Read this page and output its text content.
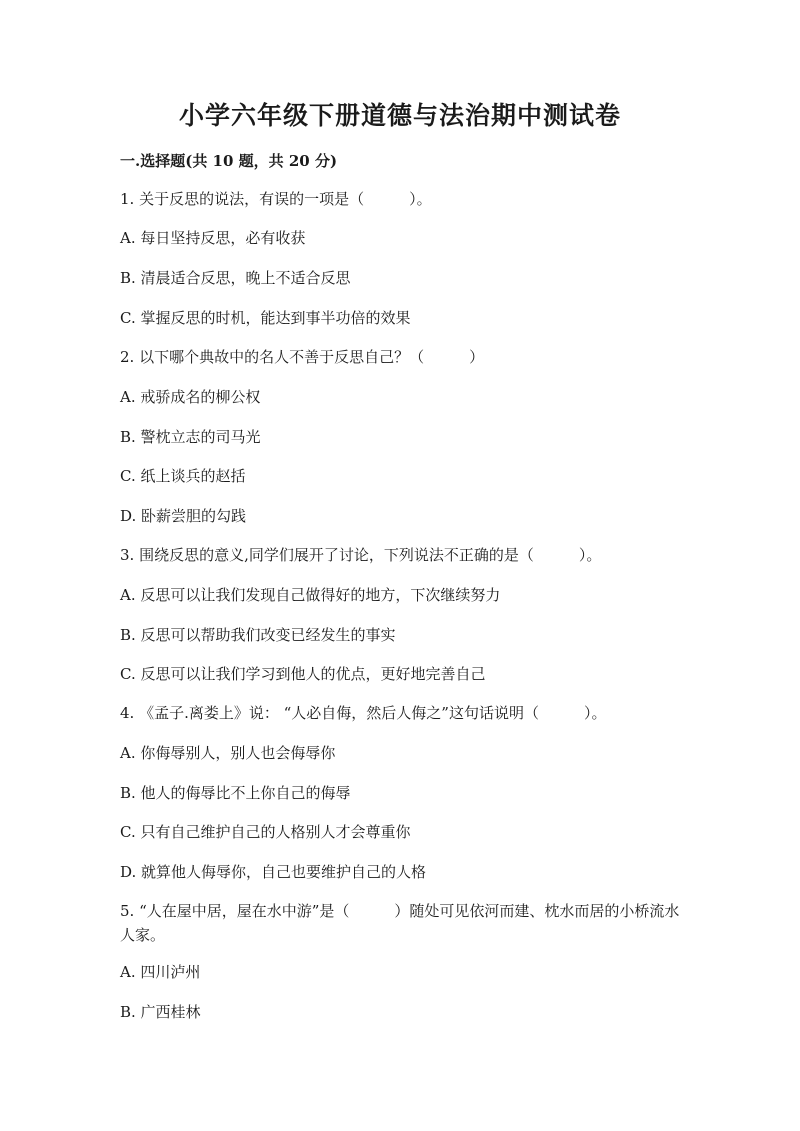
小学六年级下册道德与法治期中测试卷
一.选择题(共 10 题，共 20 分)
1. 关于反思的说法，有误的一项是（　　　）。
A. 每日坚持反思，必有收获
B. 清晨适合反思，晚上不适合反思
C. 掌握反思的时机，能达到事半功倍的效果
2. 以下哪个典故中的名人不善于反思自己？（　　　）
A. 戒骄成名的柳公权
B. 警枕立志的司马光
C. 纸上谈兵的赵括
D. 卧薪尝胆的勾践
3. 围绕反思的意义,同学们展开了讨论，下列说法不正确的是（　　　）。
A. 反思可以让我们发现自己做得好的地方，下次继续努力
B. 反思可以帮助我们改变已经发生的事实
C. 反思可以让我们学习到他人的优点，更好地完善自己
4. 《孟子.离娄上》说： “人必自侮，然后人侮之”这句话说明（　　　）。
A. 你侮辱别人，别人也会侮辱你
B. 他人的侮辱比不上你自己的侮辱
C. 只有自己维护自己的人格别人才会尊重你
D. 就算他人侮辱你，自己也要维护自己的人格
5. “人在屋中居，屋在水中游”是（　　　）随处可见依河而建、枕水而居的小桥流水人家。
A. 四川泸州
B. 广西桂林
